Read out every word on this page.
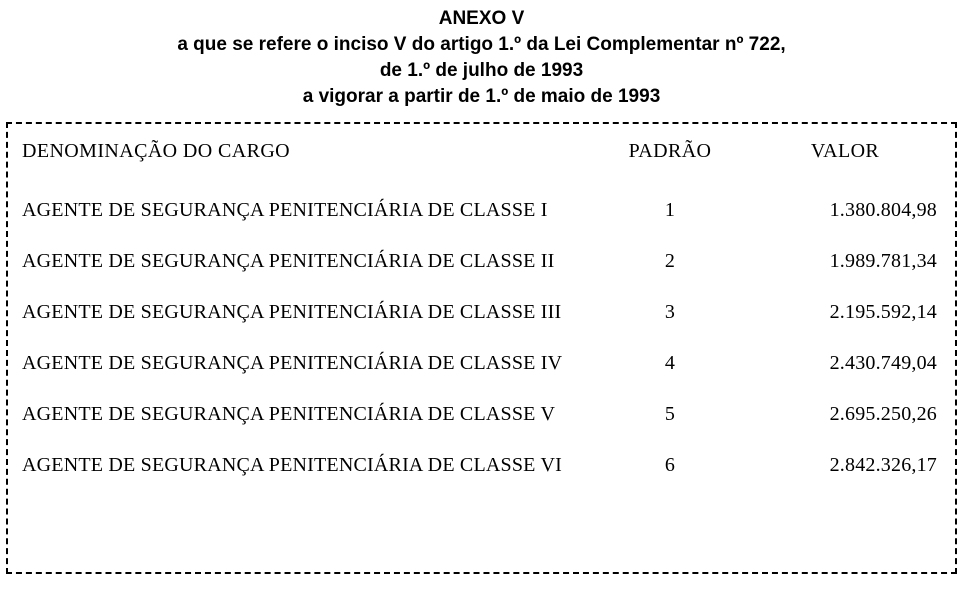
ANEXO V
a que se refere o inciso V do artigo 1.º da Lei Complementar nº 722,
de 1.º de julho de 1993
a vigorar a partir de 1.º de maio de 1993
DENOMINAÇÃO DO CARGO	PADRÃO	VALOR
AGENTE DE SEGURANÇA PENITENCIÁRIA DE CLASSE I	1	1.380.804,98
AGENTE DE SEGURANÇA PENITENCIÁRIA DE CLASSE II	2	1.989.781,34
AGENTE DE SEGURANÇA PENITENCIÁRIA DE CLASSE III	3	2.195.592,14
AGENTE DE SEGURANÇA PENITENCIÁRIA DE CLASSE IV	4	2.430.749,04
AGENTE DE SEGURANÇA PENITENCIÁRIA DE CLASSE V	5	2.695.250,26
AGENTE DE SEGURANÇA PENITENCIÁRIA DE CLASSE VI	6	2.842.326,17
